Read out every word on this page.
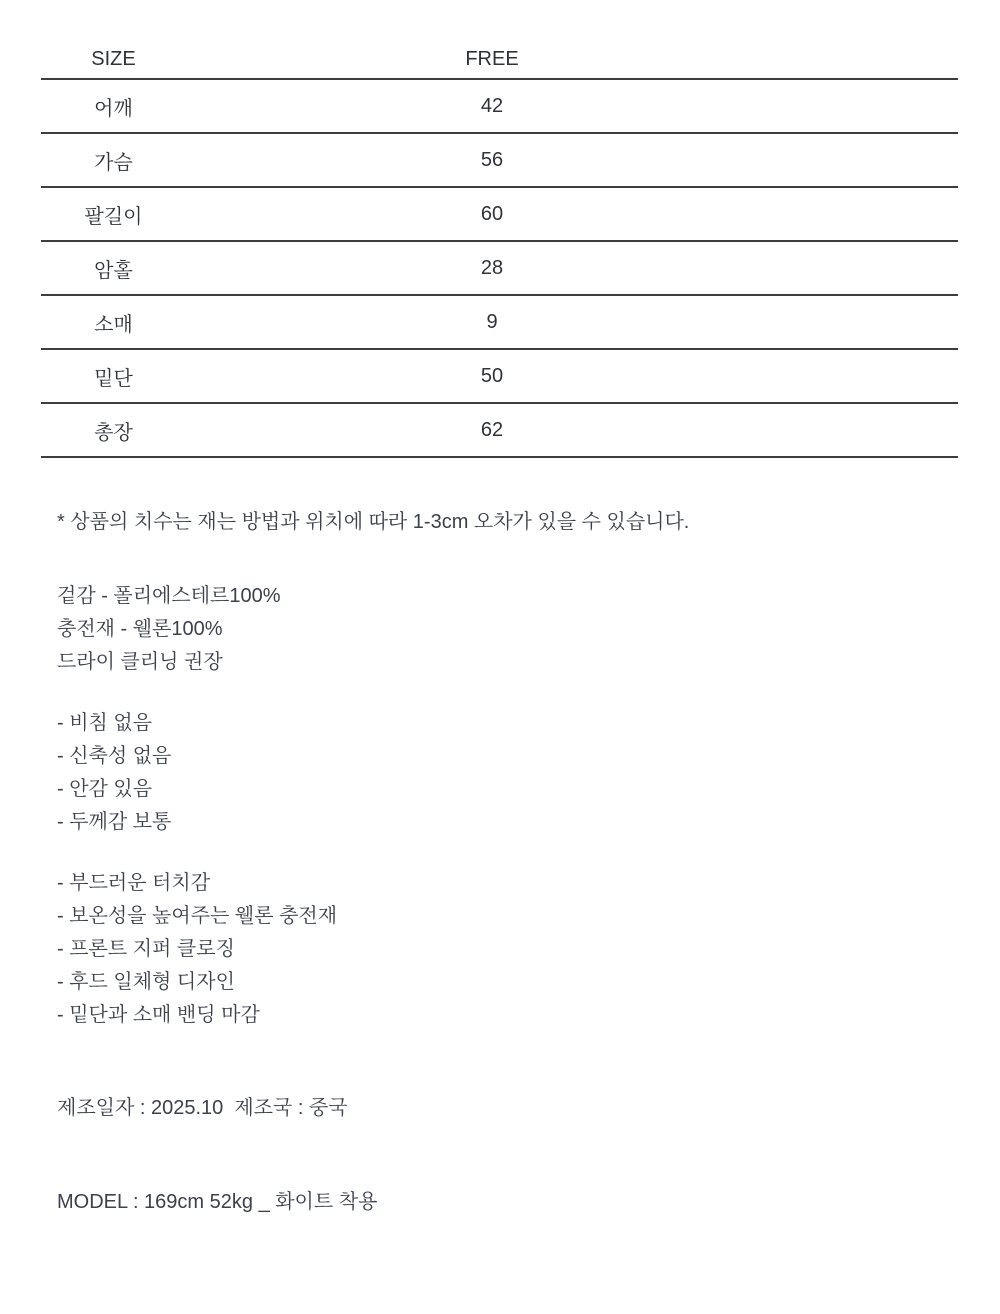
SIZE	FREE
어깨	42
가슴	56
팔길이	60
암홀	28
소매	9
밑단	50
총장	62
* 상품의 치수는 재는 방법과 위치에 따라 1-3cm 오차가 있을 수 있습니다.
겉감 - 폴리에스테르100%
충전재 - 웰론100%
드라이 클리닝 권장
- 비침 없음
- 신축성 없음
- 안감 있음
- 두께감 보통
- 부드러운 터치감
- 보온성을 높여주는 웰론 충전재
- 프론트 지퍼 클로징
- 후드 일체형 디자인
- 밑단과 소매 밴딩 마감
제조일자 : 2025.10  제조국 : 중국
MODEL : 169cm 52kg _ 화이트 착용
